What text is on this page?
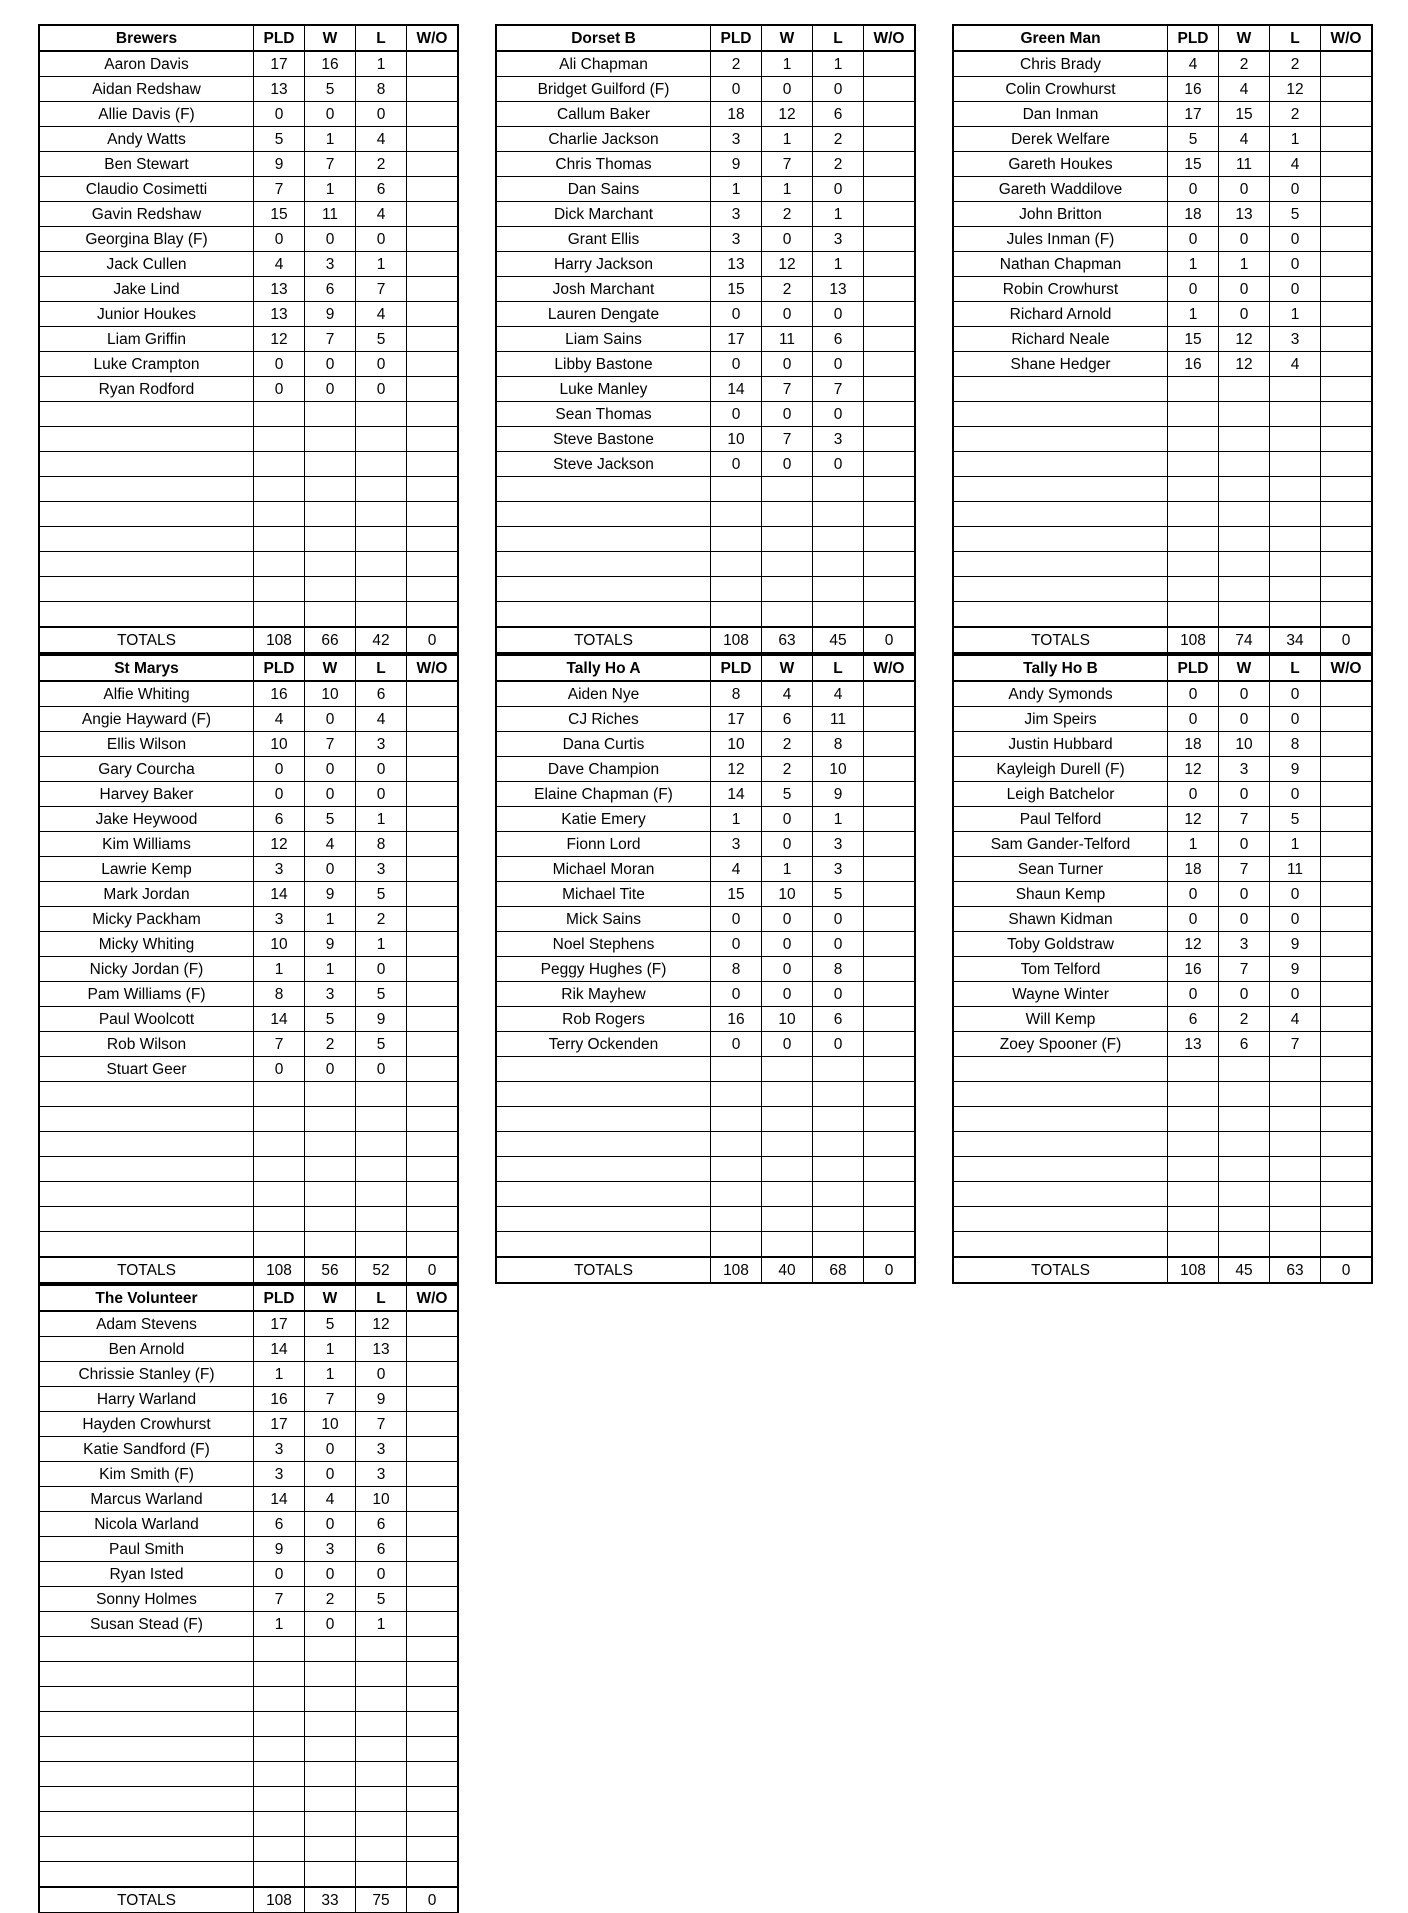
Brewers	PLD	W	L	W/O
Aaron Davis	17	16	1	
Aidan Redshaw	13	5	8	
Allie Davis (F)	0	0	0	
Andy Watts	5	1	4	
Ben Stewart	9	7	2	
Claudio Cosimetti	7	1	6	
Gavin Redshaw	15	11	4	
Georgina Blay (F)	0	0	0	
Jack Cullen	4	3	1	
Jake Lind	13	6	7	
Junior Houkes	13	9	4	
Liam Griffin	12	7	5	
Luke Crampton	0	0	0	
Ryan Rodford	0	0	0	

TOTALS	108	66	42	0
Dorset B	PLD	W	L	W/O
Ali Chapman	2	1	1	
Bridget Guilford (F)	0	0	0	
Callum Baker	18	12	6	
Charlie Jackson	3	1	2	
Chris Thomas	9	7	2	
Dan Sains	1	1	0	
Dick Marchant	3	2	1	
Grant Ellis	3	0	3	
Harry Jackson	13	12	1	
Josh Marchant	15	2	13	
Lauren Dengate	0	0	0	
Liam Sains	17	11	6	
Libby Bastone	0	0	0	
Luke Manley	14	7	7	
Sean Thomas	0	0	0	
Steve Bastone	10	7	3	
Steve Jackson	0	0	0	

TOTALS	108	63	45	0
Green Man	PLD	W	L	W/O
Chris Brady	4	2	2	
Colin Crowhurst	16	4	12	
Dan Inman	17	15	2	
Derek Welfare	5	4	1	
Gareth Houkes	15	11	4	
Gareth Waddilove	0	0	0	
John Britton	18	13	5	
Jules Inman (F)	0	0	0	
Nathan Chapman	1	1	0	
Robin Crowhurst	0	0	0	
Richard Arnold	1	0	1	
Richard Neale	15	12	3	
Shane Hedger	16	12	4	

TOTALS	108	74	34	0
St Marys	PLD	W	L	W/O
Alfie Whiting	16	10	6	
Angie Hayward (F)	4	0	4	
Ellis Wilson	10	7	3	
Gary Courcha	0	0	0	
Harvey Baker	0	0	0	
Jake Heywood	6	5	1	
Kim Williams	12	4	8	
Lawrie Kemp	3	0	3	
Mark Jordan	14	9	5	
Micky Packham	3	1	2	
Micky Whiting	10	9	1	
Nicky Jordan (F)	1	1	0	
Pam Williams (F)	8	3	5	
Paul Woolcott	14	5	9	
Rob Wilson	7	2	5	
Stuart Geer	0	0	0	

TOTALS	108	56	52	0
Tally Ho A	PLD	W	L	W/O
Aiden Nye	8	4	4	
CJ Riches	17	6	11	
Dana Curtis	10	2	8	
Dave Champion	12	2	10	
Elaine Chapman (F)	14	5	9	
Katie Emery	1	0	1	
Fionn Lord	3	0	3	
Michael Moran	4	1	3	
Michael Tite	15	10	5	
Mick Sains	0	0	0	
Noel Stephens	0	0	0	
Peggy Hughes (F)	8	0	8	
Rik Mayhew	0	0	0	
Rob Rogers	16	10	6	
Terry Ockenden	0	0	0	

TOTALS	108	40	68	0
Tally Ho B	PLD	W	L	W/O
Andy Symonds	0	0	0	
Jim Speirs	0	0	0	
Justin Hubbard	18	10	8	
Kayleigh Durell (F)	12	3	9	
Leigh Batchelor	0	0	0	
Paul Telford	12	7	5	
Sam Gander-Telford	1	0	1	
Sean Turner	18	7	11	
Shaun Kemp	0	0	0	
Shawn Kidman	0	0	0	
Toby Goldstraw	12	3	9	
Tom Telford	16	7	9	
Wayne Winter	0	0	0	
Will Kemp	6	2	4	
Zoey Spooner (F)	13	6	7	

TOTALS	108	45	63	0
The Volunteer	PLD	W	L	W/O
Adam Stevens	17	5	12	
Ben Arnold	14	1	13	
Chrissie Stanley (F)	1	1	0	
Harry Warland	16	7	9	
Hayden Crowhurst	17	10	7	
Katie Sandford (F)	3	0	3	
Kim Smith (F)	3	0	3	
Marcus Warland	14	4	10	
Nicola Warland	6	0	6	
Paul Smith	9	3	6	
Ryan Isted	0	0	0	
Sonny Holmes	7	2	5	
Susan Stead (F)	1	0	1	

TOTALS	108	33	75	0
